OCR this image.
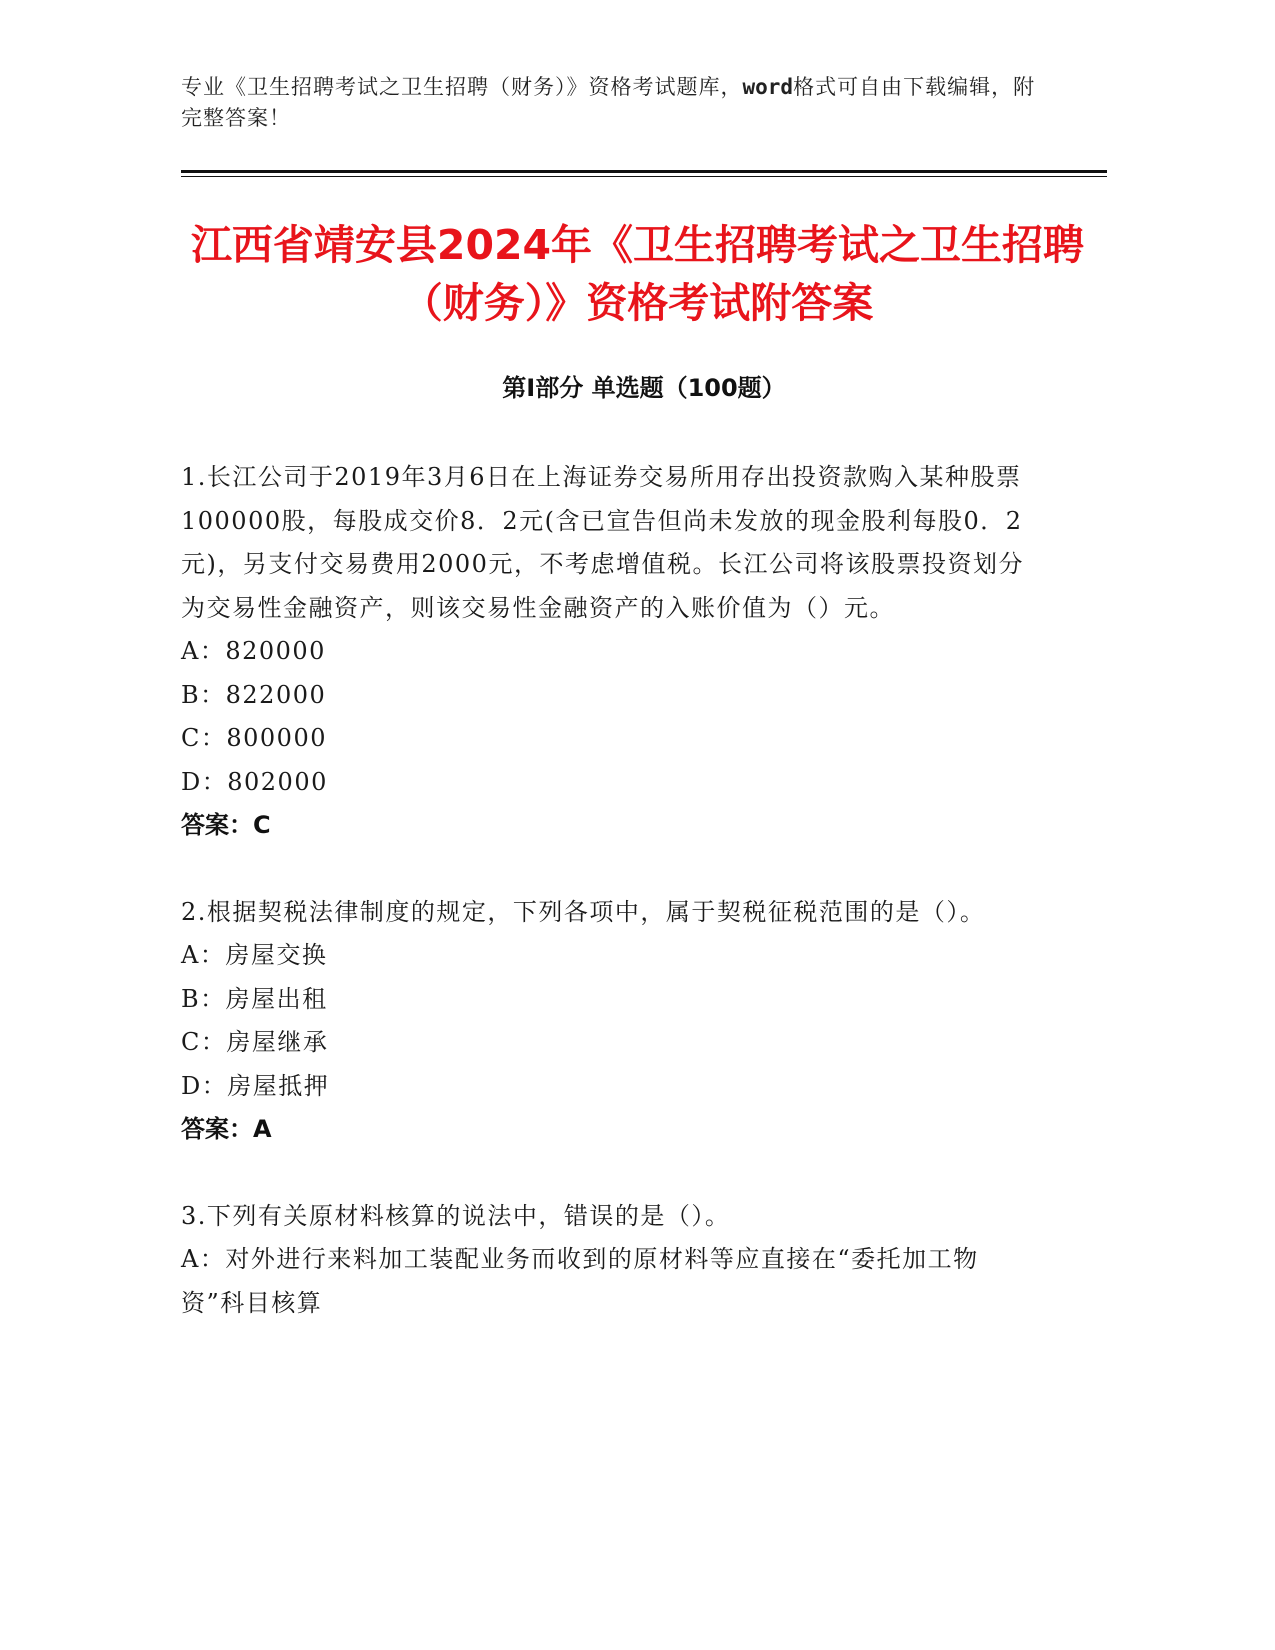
专业《卫生招聘考试之卫生招聘（财务）》资格考试题库，word格式可自由下载编辑，附完整答案！
江西省靖安县2024年《卫生招聘考试之卫生招聘（财务）》资格考试附答案
第Ⅰ部分 单选题（100题）
1.长江公司于2019年3月6日在上海证券交易所用存出投资款购入某种股票100000股，每股成交价8．2元(含已宣告但尚未发放的现金股利每股0．2元)，另支付交易费用2000元，不考虑增值税。长江公司将该股票投资划分为交易性金融资产，则该交易性金融资产的入账价值为（）元。
A：820000
B：822000
C：800000
D：802000
答案：C
2.根据契税法律制度的规定，下列各项中，属于契税征税范围的是（）。
A：房屋交换
B：房屋出租
C：房屋继承
D：房屋抵押
答案：A
3.下列有关原材料核算的说法中，错误的是（）。
A：对外进行来料加工装配业务而收到的原材料等应直接在“委托加工物资”科目核算
